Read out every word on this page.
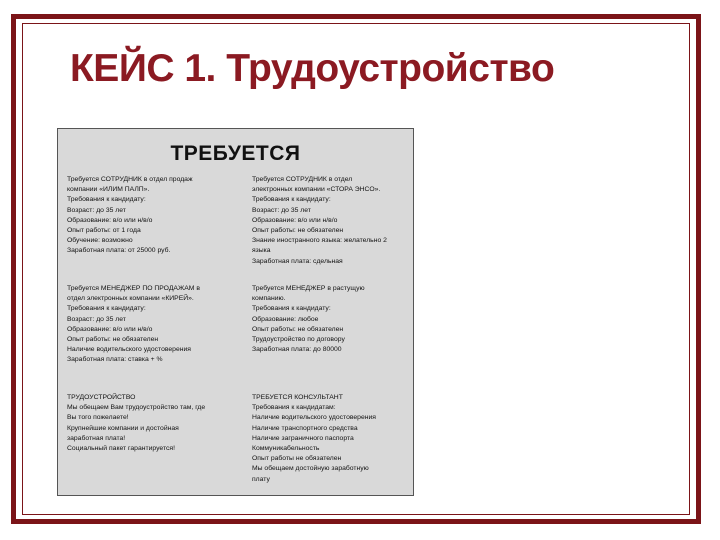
КЕЙС 1. Трудоустройство
ТРЕБУЕТСЯ
Требуется СОТРУДНИК в отдел продаж
компании «ИЛИМ ПАЛП».
Требования к кандидату:
Возраст: до 35 лет
Образование: в/о или н/в/о
Опыт работы: от 1 года
Обучение: возможно
Заработная плата: от 25000 руб.
Требуется СОТРУДНИК в отдел
электронных компании «СТОРА ЭНСО».
Требования к кандидату:
Возраст: до 35 лет
Образование: в/о или н/в/о
Опыт работы: не обязателен
Знание иностранного языка: желательно 2
языка
Заработная плата: сдельная
Требуется МЕНЕДЖЕР ПО ПРОДАЖАМ в
отдел электронных компании «КИРЕЙ».
Требования к кандидату:
Возраст: до 35 лет
Образование: в/о или н/в/о
Опыт работы: не обязателен
Наличие водительского удостоверения
Заработная плата: ставка + %
Требуется МЕНЕДЖЕР в растущую
компанию.
Требования к кандидату:
Образование: любое
Опыт работы: не обязателен
Трудоустройство по договору
Заработная плата: до 80000
ТРУДОУСТРОЙСТВО
Мы обещаем Вам трудоустройство там, где
Вы того пожелаете!
Крупнейшие компании и достойная
заработная плата!
Социальный пакет гарантируется!
ТРЕБУЕТСЯ КОНСУЛЬТАНТ
Требования к кандидатам:
Наличие водительского удостоверения
Наличие транспортного средства
Наличие заграничного паспорта
Коммуникабельность
Опыт работы не обязателен
Мы обещаем достойную заработную
плату
